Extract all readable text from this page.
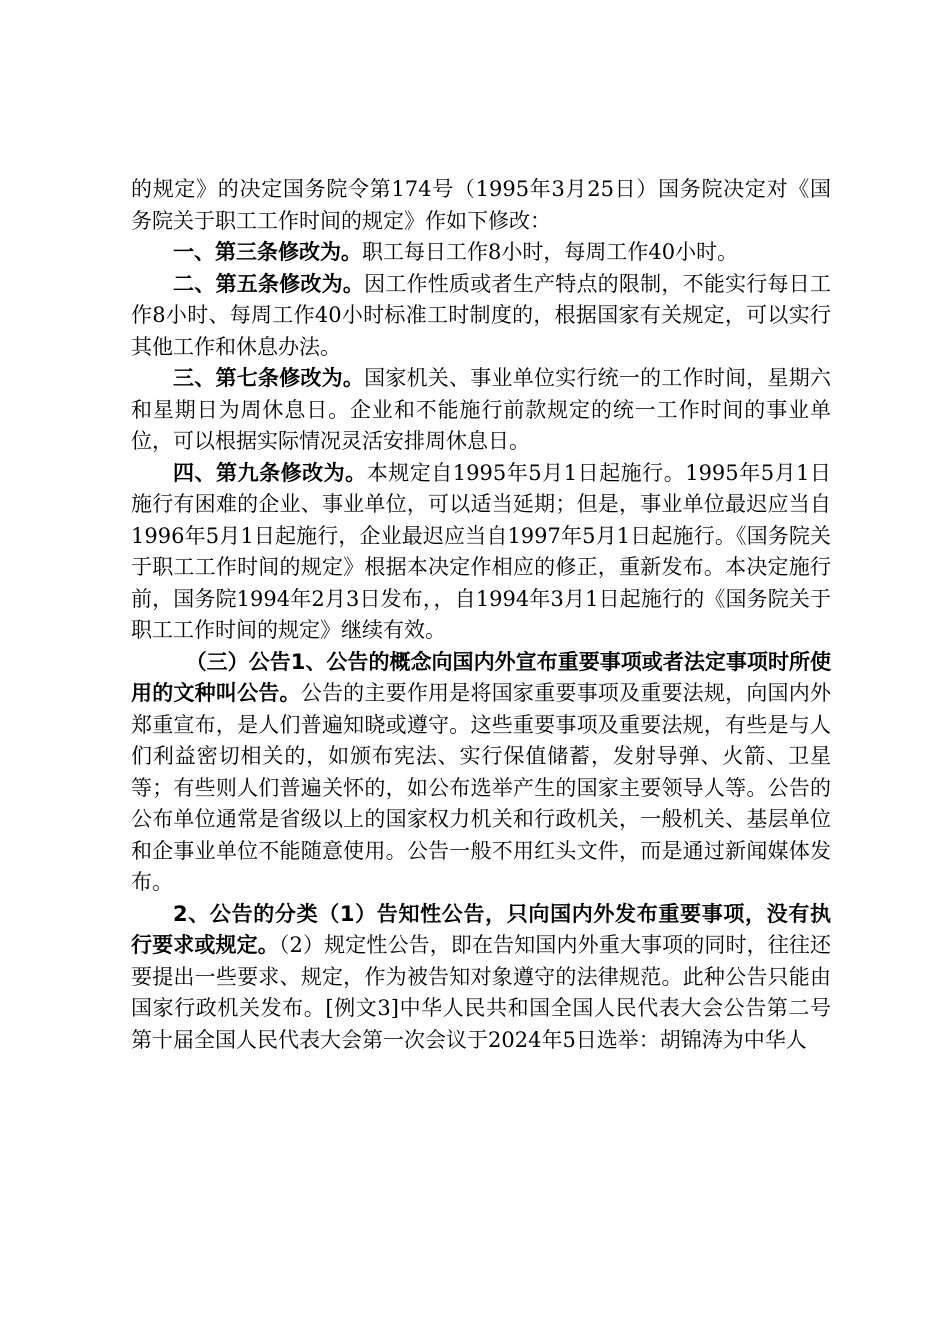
的规定》的决定国务院令第174号（1995年3月25日）国务院决定对《国务院关于职工工作时间的规定》作如下修改：

一、第三条修改为。职工每日工作8小时，每周工作40小时。

二、第五条修改为。因工作性质或者生产特点的限制，不能实行每日工作8小时、每周工作40小时标准工时制度的，根据国家有关规定，可以实行其他工作和休息办法。

三、第七条修改为。国家机关、事业单位实行统一的工作时间，星期六和星期日为周休息日。企业和不能施行前款规定的统一工作时间的事业单位，可以根据实际情况灵活安排周休息日。

四、第九条修改为。本规定自1995年5月1日起施行。1995年5月1日施行有困难的企业、事业单位，可以适当延期；但是，事业单位最迟应当自1996年5月1日起施行，企业最迟应当自1997年5月1日起施行。《国务院关于职工工作时间的规定》根据本决定作相应的修正，重新发布。本决定施行前，国务院1994年2月3日发布，，自1994年3月1日起施行的《国务院关于职工工作时间的规定》继续有效。

（三）公告1、公告的概念向国内外宣布重要事项或者法定事项时所使用的文种叫公告。公告的主要作用是将国家重要事项及重要法规，向国内外郑重宣布，是人们普遍知晓或遵守。这些重要事项及重要法规，有些是与人们利益密切相关的，如颁布宪法、实行保值储蓄，发射导弹、火箭、卫星等；有些则人们普遍关怀的，如公布选举产生的国家主要领导人等。公告的公布单位通常是省级以上的国家权力机关和行政机关，一般机关、基层单位和企事业单位不能随意使用。公告一般不用红头文件，而是通过新闻媒体发布。

2、公告的分类（1）告知性公告，只向国内外发布重要事项，没有执行要求或规定。（2）规定性公告，即在告知国内外重大事项的同时，往往还要提出一些要求、规定，作为被告知对象遵守的法律规范。此种公告只能由国家行政机关发布。[例文3]中华人民共和国全国人民代表大会公告第二号第十届全国人民代表大会第一次会议于2024年5日选举：胡锦涛为中华人
